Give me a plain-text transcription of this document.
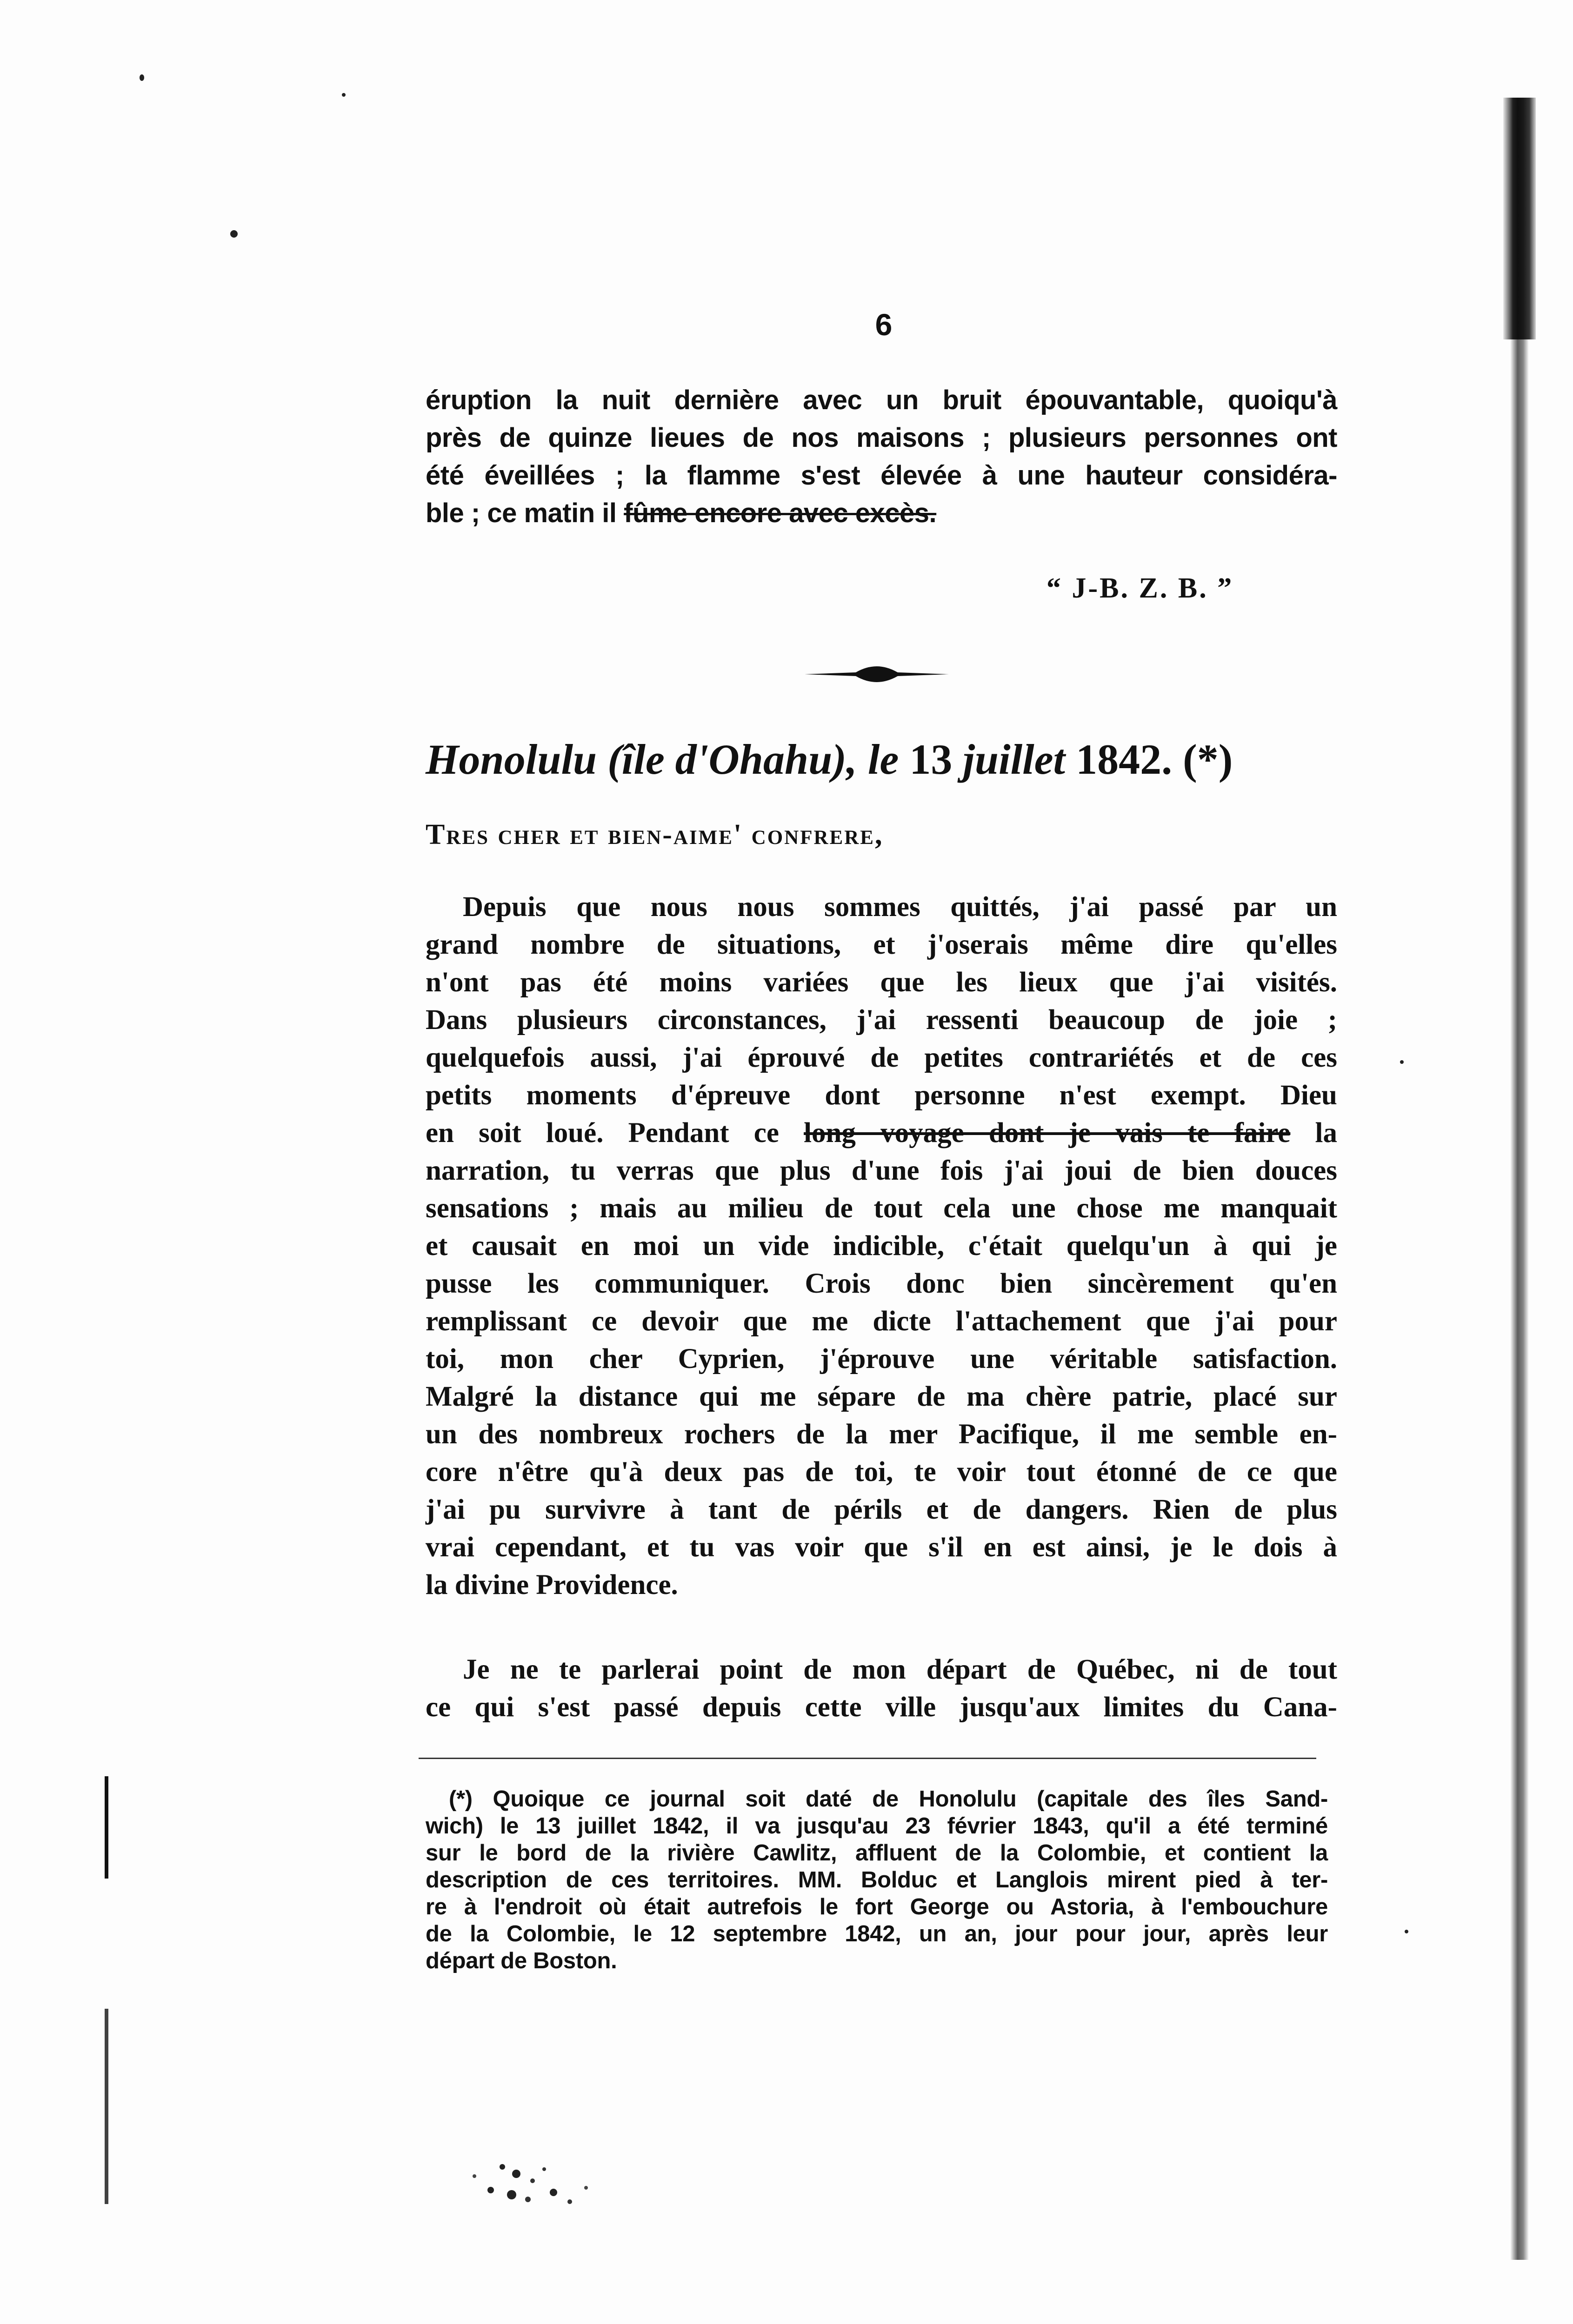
6
éruption la nuit dernière avec un bruit épouvantable, quoiqu'à
près de quinze lieues de nos maisons ; plusieurs personnes ont
été éveillées ; la flamme s'est élevée à une hauteur considéra-
ble ; ce matin il fûme encore avec excès.
“ J-B. Z. B. ”
Honolulu (île d'Ohahu), le 13 juillet 1842. (*)
Tres cher et bien-aime' confrere,
Depuis que nous nous sommes quittés, j'ai passé par un
grand nombre de situations, et j'oserais même dire qu'elles
n'ont pas été moins variées que les lieux que j'ai visités.
Dans plusieurs circonstances, j'ai ressenti beaucoup de joie ;
quelquefois aussi, j'ai éprouvé de petites contrariétés et de ces
petits moments d'épreuve dont personne n'est exempt. Dieu
en soit loué. Pendant ce long voyage dont je vais te faire la
narration, tu verras que plus d'une fois j'ai joui de bien douces
sensations ; mais au milieu de tout cela une chose me manquait
et causait en moi un vide indicible, c'était quelqu'un à qui je
pusse les communiquer. Crois donc bien sincèrement qu'en
remplissant ce devoir que me dicte l'attachement que j'ai pour
toi, mon cher Cyprien, j'éprouve une véritable satisfaction.
Malgré la distance qui me sépare de ma chère patrie, placé sur
un des nombreux rochers de la mer Pacifique, il me semble en-
core n'être qu'à deux pas de toi, te voir tout étonné de ce que
j'ai pu survivre à tant de périls et de dangers. Rien de plus
vrai cependant, et tu vas voir que s'il en est ainsi, je le dois à
la divine Providence.
Je ne te parlerai point de mon départ de Québec, ni de tout
ce qui s'est passé depuis cette ville jusqu'aux limites du Cana-
(*) Quoique ce journal soit daté de Honolulu (capitale des îles Sand-
wich) le 13 juillet 1842, il va jusqu'au 23 février 1843, qu'il a été terminé
sur le bord de la rivière Cawlitz, affluent de la Colombie, et contient la
description de ces territoires. MM. Bolduc et Langlois mirent pied à ter-
re à l'endroit où était autrefois le fort George ou Astoria, à l'embouchure
de la Colombie, le 12 septembre 1842, un an, jour pour jour, après leur
départ de Boston.
